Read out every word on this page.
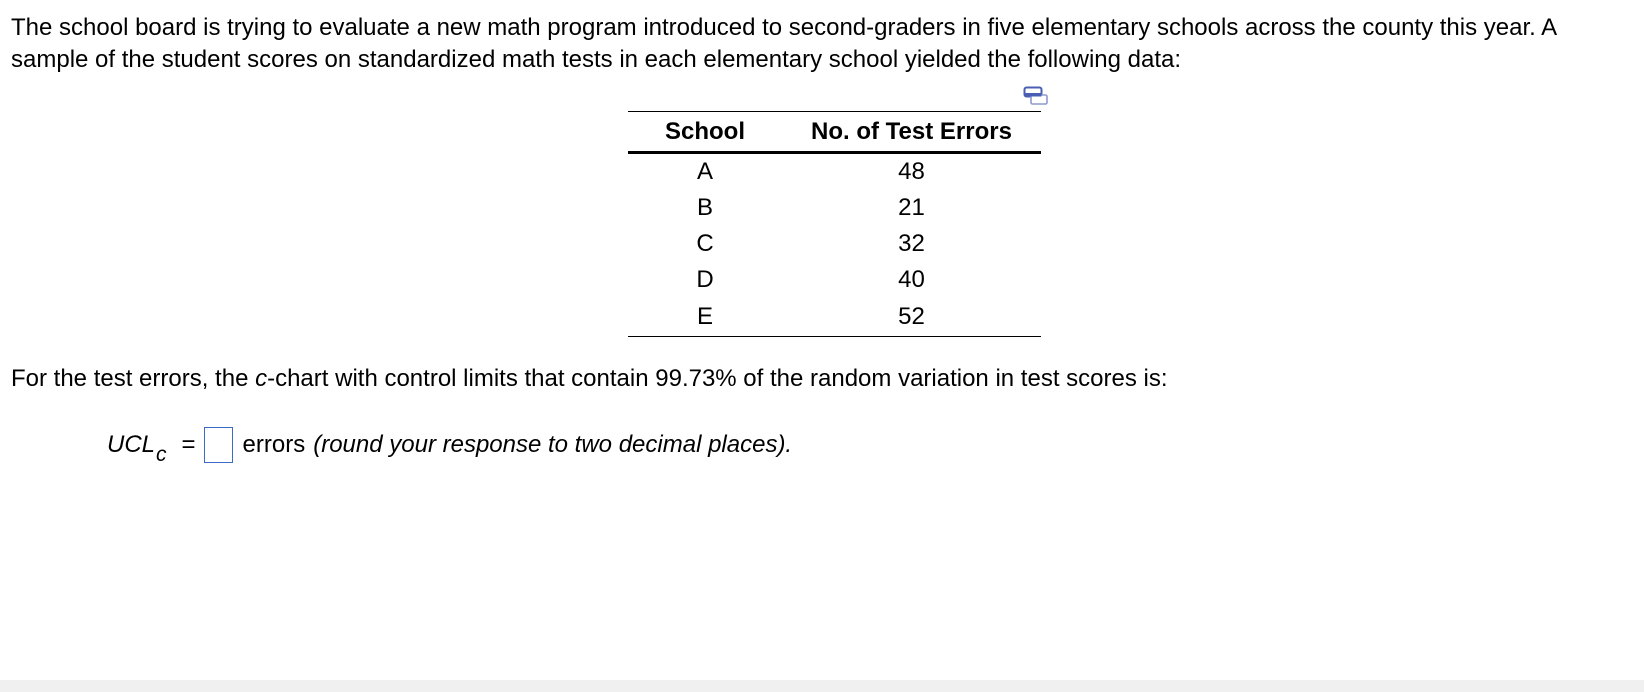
The school board is trying to evaluate a new math program introduced to second-graders in five elementary schools across the county this year. A sample of the student scores on standardized math tests in each elementary school yielded the following data:

School	No. of Test Errors
A	48
B	21
C	32
D	40
E	52

For the test errors, the c-chart with control limits that contain 99.73% of the random variation in test scores is:

UCL c = errors (round your response to two decimal places).
